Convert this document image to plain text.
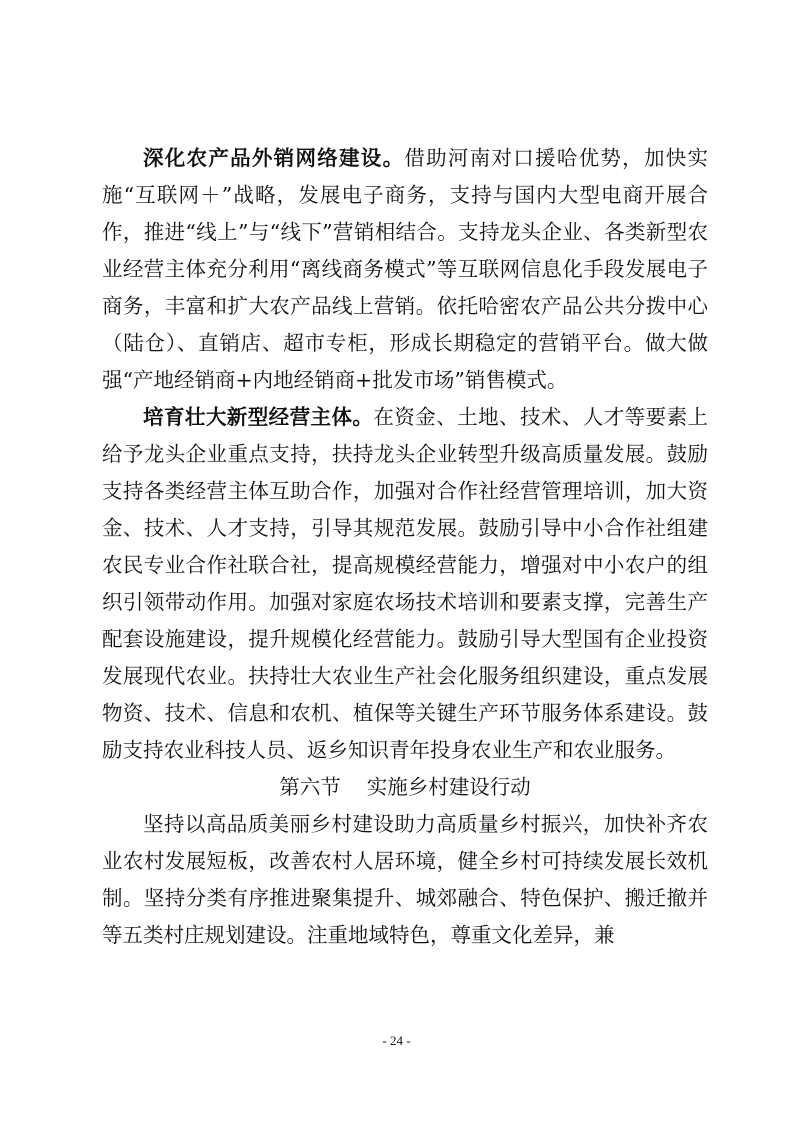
深化农产品外销网络建设。借助河南对口援哈优势，加快实施“互联网＋”战略，发展电子商务，支持与国内大型电商开展合作，推进“线上”与“线下”营销相结合。支持龙头企业、各类新型农业经营主体充分利用“离线商务模式”等互联网信息化手段发展电子商务，丰富和扩大农产品线上营销。依托哈密农产品公共分拨中心（陆仓）、直销店、超市专柜，形成长期稳定的营销平台。做大做强“产地经销商+内地经销商+批发市场”销售模式。

培育壮大新型经营主体。在资金、土地、技术、人才等要素上给予龙头企业重点支持，扶持龙头企业转型升级高质量发展。鼓励支持各类经营主体互助合作，加强对合作社经营管理培训，加大资金、技术、人才支持，引导其规范发展。鼓励引导中小合作社组建农民专业合作社联合社，提高规模经营能力，增强对中小农户的组织引领带动作用。加强对家庭农场技术培训和要素支撑，完善生产配套设施建设，提升规模化经营能力。鼓励引导大型国有企业投资发展现代农业。扶持壮大农业生产社会化服务组织建设，重点发展物资、技术、信息和农机、植保等关键生产环节服务体系建设。鼓励支持农业科技人员、返乡知识青年投身农业生产和农业服务。

第六节 实施乡村建设行动

坚持以高品质美丽乡村建设助力高质量乡村振兴，加快补齐农业农村发展短板，改善农村人居环境，健全乡村可持续发展长效机制。坚持分类有序推进聚集提升、城郊融合、特色保护、搬迁撤并等五类村庄规划建设。注重地域特色，尊重文化差异，兼

- 24 -
